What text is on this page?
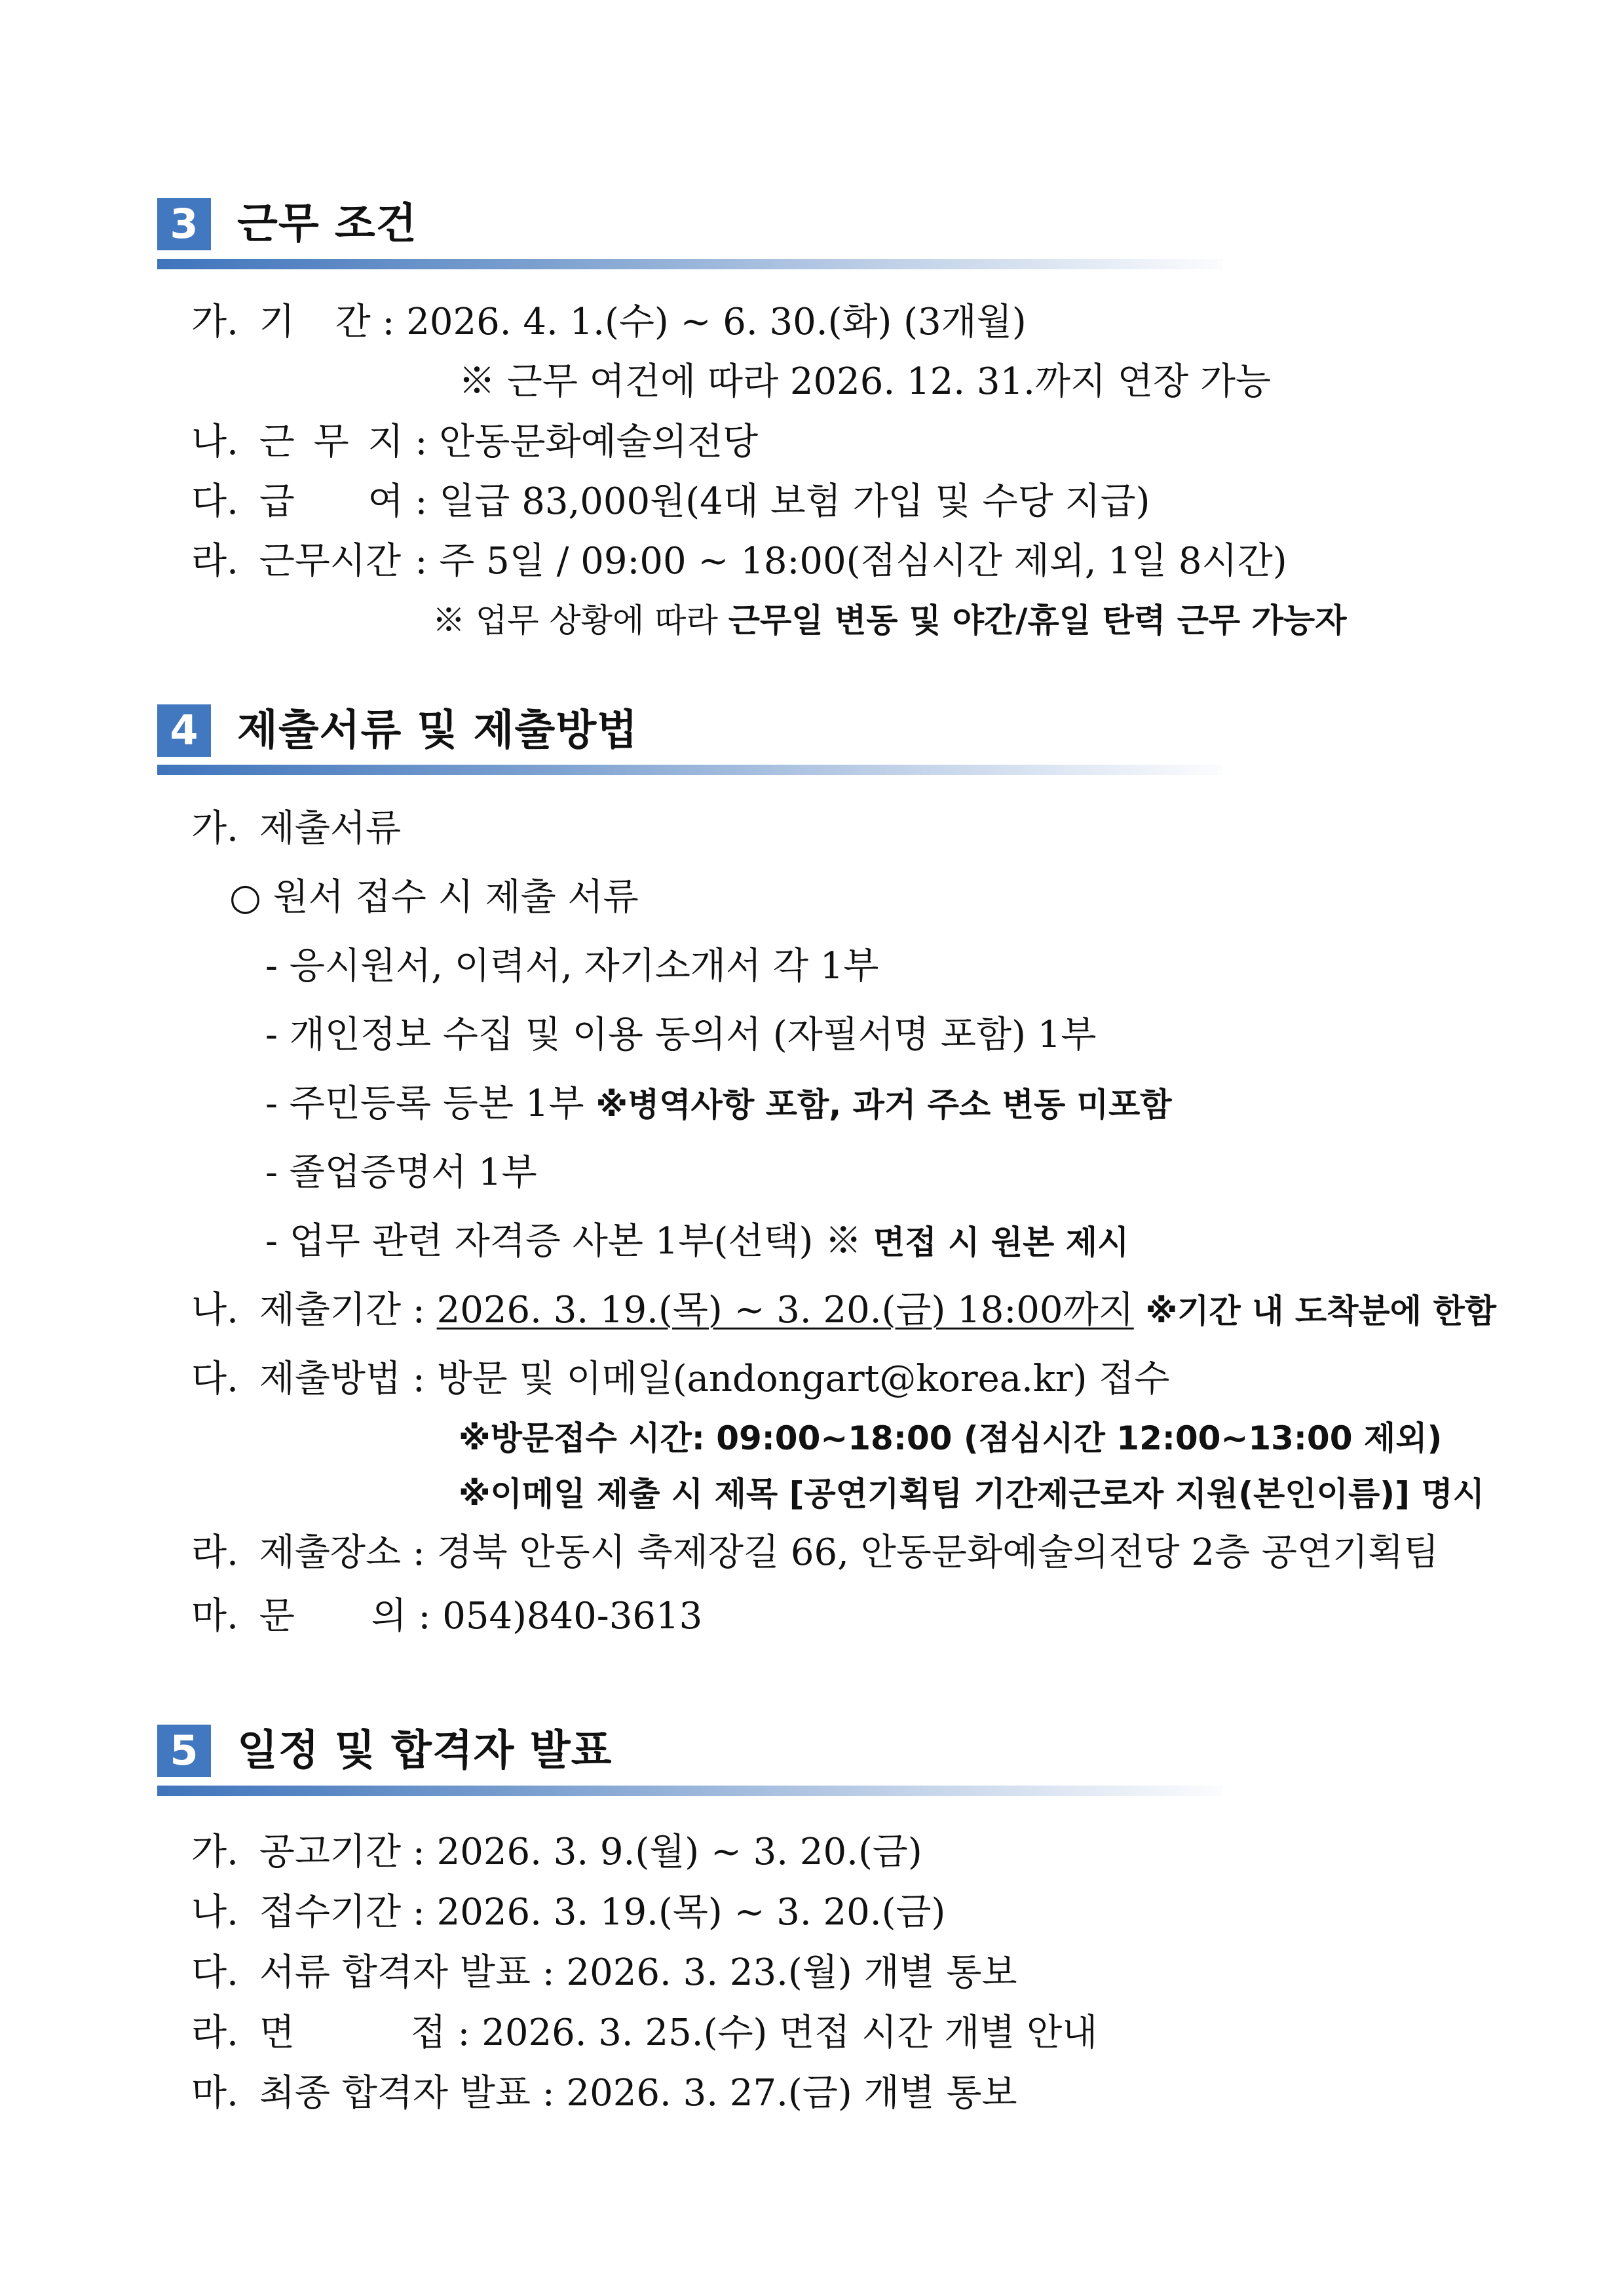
3 근무 조건
가. 기 간 : 2026. 4. 1.(수) ~ 6. 30.(화) (3개월)
※ 근무 여건에 따라 2026. 12. 31.까지 연장 가능
나. 근 무 지 : 안동문화예술의전당
다. 급 여 : 일급 83,000원(4대 보험 가입 및 수당 지급)
라. 근무시간 : 주 5일 / 09:00 ~ 18:00(점심시간 제외, 1일 8시간)
※ 업무 상황에 따라 근무일 변동 및 야간/휴일 탄력 근무 가능자
4 제출서류 및 제출방법
가. 제출서류
○ 원서 접수 시 제출 서류
- 응시원서, 이력서, 자기소개서 각 1부
- 개인정보 수집 및 이용 동의서 (자필서명 포함) 1부
- 주민등록 등본 1부 ※병역사항 포함, 과거 주소 변동 미포함
- 졸업증명서 1부
- 업무 관련 자격증 사본 1부(선택) ※ 면접 시 원본 제시
나. 제출기간 : 2026. 3. 19.(목) ~ 3. 20.(금) 18:00까지 ※기간 내 도착분에 한함
다. 제출방법 : 방문 및 이메일(andongart@korea.kr) 접수
※방문접수 시간: 09:00~18:00 (점심시간 12:00~13:00 제외)
※이메일 제출 시 제목 [공연기획팀 기간제근로자 지원(본인이름)] 명시
라. 제출장소 : 경북 안동시 축제장길 66, 안동문화예술의전당 2층 공연기획팀
마. 문 의 : 054)840-3613
5 일정 및 합격자 발표
가. 공고기간 : 2026. 3. 9.(월) ~ 3. 20.(금)
나. 접수기간 : 2026. 3. 19.(목) ~ 3. 20.(금)
다. 서류 합격자 발표 : 2026. 3. 23.(월) 개별 통보
라. 면 접 : 2026. 3. 25.(수) 면접 시간 개별 안내
마. 최종 합격자 발표 : 2026. 3. 27.(금) 개별 통보
